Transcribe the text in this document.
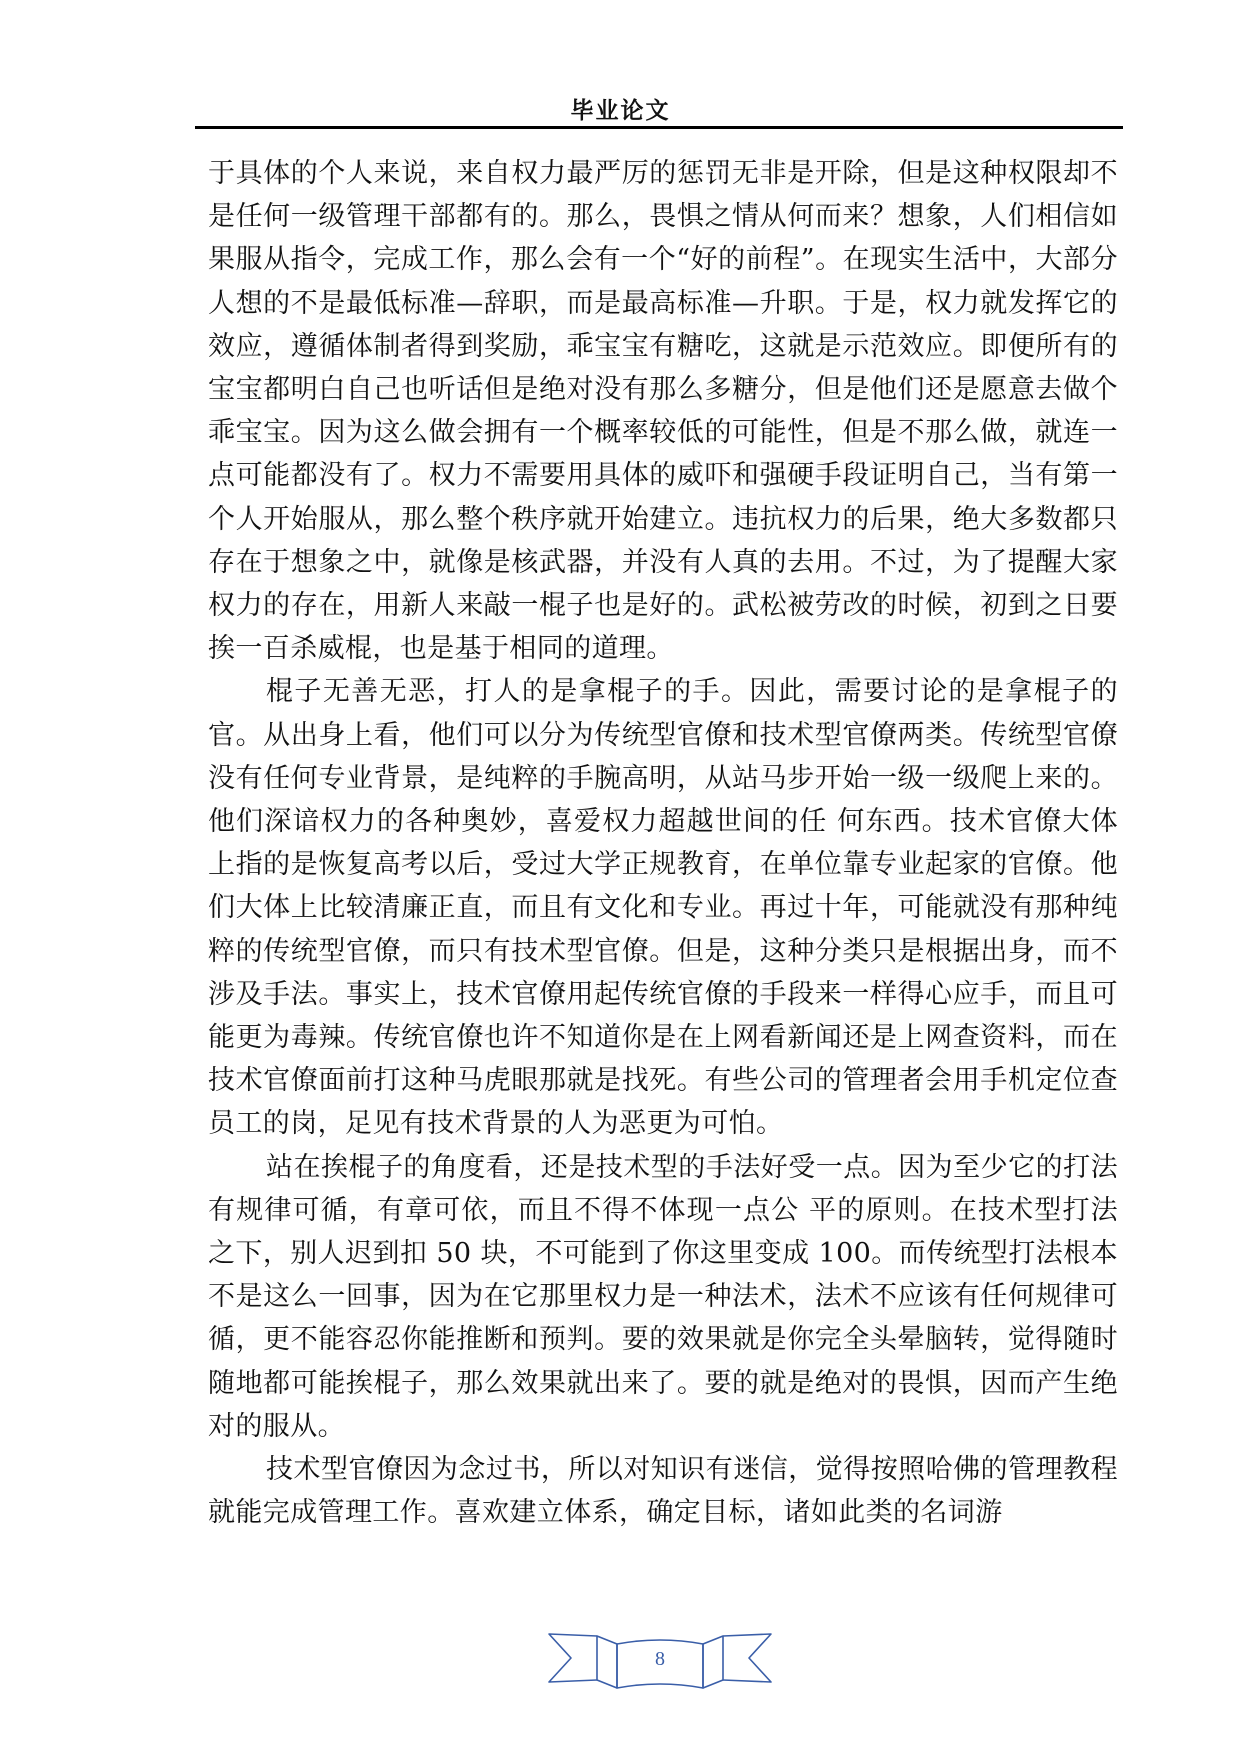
毕业论文

于具体的个人来说，来自权力最严厉的惩罚无非是开除，但是这种权限却不是任何一级管理干部都有的。那么，畏惧之情从何而来？想象，人们相信如果服从指令，完成工作，那么会有一个“好的前程”。在现实生活中，大部分人想的不是最低标准—辞职，而是最高标准—升职。于是，权力就发挥它的效应，遵循体制者得到奖励，乖宝宝有糖吃，这就是示范效应。即便所有的宝宝都明白自己也听话但是绝对没有那么多糖分，但是他们还是愿意去做个乖宝宝。因为这么做会拥有一个概率较低的可能性，但是不那么做，就连一点可能都没有了。权力不需要用具体的威吓和强硬手段证明自己，当有第一个人开始服从，那么整个秩序就开始建立。违抗权力的后果，绝大多数都只存在于想象之中，就像是核武器，并没有人真的去用。不过，为了提醒大家权力的存在，用新人来敲一棍子也是好的。武松被劳改的时候，初到之日要挨一百杀威棍，也是基于相同的道理。

棍子无善无恶，打人的是拿棍子的手。因此，需要讨论的是拿棍子的官。从出身上看，他们可以分为传统型官僚和技术型官僚两类。传统型官僚没有任何专业背景，是纯粹的手腕高明，从站马步开始一级一级爬上来的。他们深谙权力的各种奥妙，喜爱权力超越世间的任 何东西。技术官僚大体上指的是恢复高考以后，受过大学正规教育，在单位靠专业起家的官僚。他们大体上比较清廉正直，而且有文化和专业。再过十年，可能就没有那种纯粹的传统型官僚，而只有技术型官僚。但是，这种分类只是根据出身，而不涉及手法。事实上，技术官僚用起传统官僚的手段来一样得心应手，而且可能更为毒辣。传统官僚也许不知道你是在上网看新闻还是上网查资料，而在技术官僚面前打这种马虎眼那就是找死。有些公司的管理者会用手机定位查员工的岗，足见有技术背景的人为恶更为可怕。

站在挨棍子的角度看，还是技术型的手法好受一点。因为至少它的打法有规律可循，有章可依，而且不得不体现一点公 平的原则。在技术型打法之下，别人迟到扣 50 块，不可能到了你这里变成 100。而传统型打法根本不是这么一回事，因为在它那里权力是一种法术，法术不应该有任何规律可循，更不能容忍你能推断和预判。要的效果就是你完全头晕脑转，觉得随时随地都可能挨棍子，那么效果就出来了。要的就是绝对的畏惧，因而产生绝 对的服从。

技术型官僚因为念过书，所以对知识有迷信，觉得按照哈佛的管理教程就能完成管理工作。喜欢建立体系，确定目标，诸如此类的名词游

8
